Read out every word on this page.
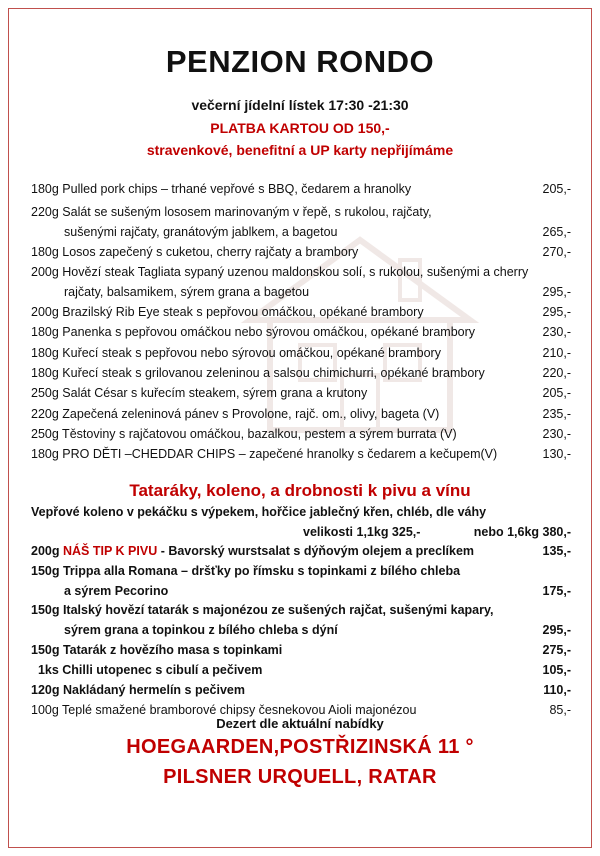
PENZION RONDO
večerní jídelní lístek 17:30 -21:30
PLATBA KARTOU OD 150,-
stravenkové, benefitní a UP karty nepřijímáme
180g Pulled pork chips – trhané vepřové s BBQ, čedarem a hranolky	205,-
220g Salát se sušeným lososem marinovaným v řepě, s rukolou, rajčaty,
sušenými rajčaty, granátovým jablkem, a bagetou	265,-
180g Losos zapečený s cuketou, cherry rajčaty a brambory	270,-
200g Hovězí steak Tagliata sypaný uzenou maldonskou solí, s rukolou, sušenými a cherry
rajčaty, balsamikem, sýrem grana a bagetou	295,-
200g Brazilský Rib Eye steak s pepřovou omáčkou, opékané brambory	295,-
180g Panenka s pepřovou omáčkou nebo sýrovou omáčkou, opékané brambory	230,-
180g Kuřecí steak s pepřovou nebo sýrovou omáčkou, opékané brambory	210,-
180g Kuřecí steak s grilovanou zeleninou a salsou chimichurri, opékané brambory	220,-
250g Salát César s kuřecím steakem, sýrem grana a krutony	205,-
220g Zapečená zeleninová pánev s Provolone, rajč. om., olivy, bageta (V)	235,-
250g Těstoviny s rajčatovou omáčkou, bazalkou, pestem a sýrem burrata (V)	230,-
180g PRO DĚTI –CHEDDAR CHIPS – zapečené hranolky s čedarem a kečupem(V)	130,-
Tataráky, koleno, a drobnosti k pivu a vínu
Vepřové koleno v pekáčku s výpekem, hořčice jablečný křen, chléb, dle váhy
velikosti 1,1kg 325,-	nebo 1,6kg 380,-
200g NÁŠ TIP K PIVU - Bavorský wurstsalat s dýňovým olejem a preclíkem	135,-
150g Trippa alla Romana – dršťky po římsku s topinkami z bílého chleba
a sýrem Pecorino	175,-
150g Italský hovězí tatarák s majonézou ze sušených rajčat, sušenými kapary,
sýrem grana a topinkou z bílého chleba s dýní	295,-
150g Tatarák z hovězího masa s topinkami	275,-
1ks Chilli utopenec s cibulí a pečivem	105,-
120g Nakládaný hermelín s pečivem	110,-
100g Teplé smažené bramborové chipsy česnekovou Aioli majonézou	85,-
Dezert dle aktuální nabídky
HOEGAARDEN,POSTŘIZINSKÁ 11 °
PILSNER URQUELL, RATAR
